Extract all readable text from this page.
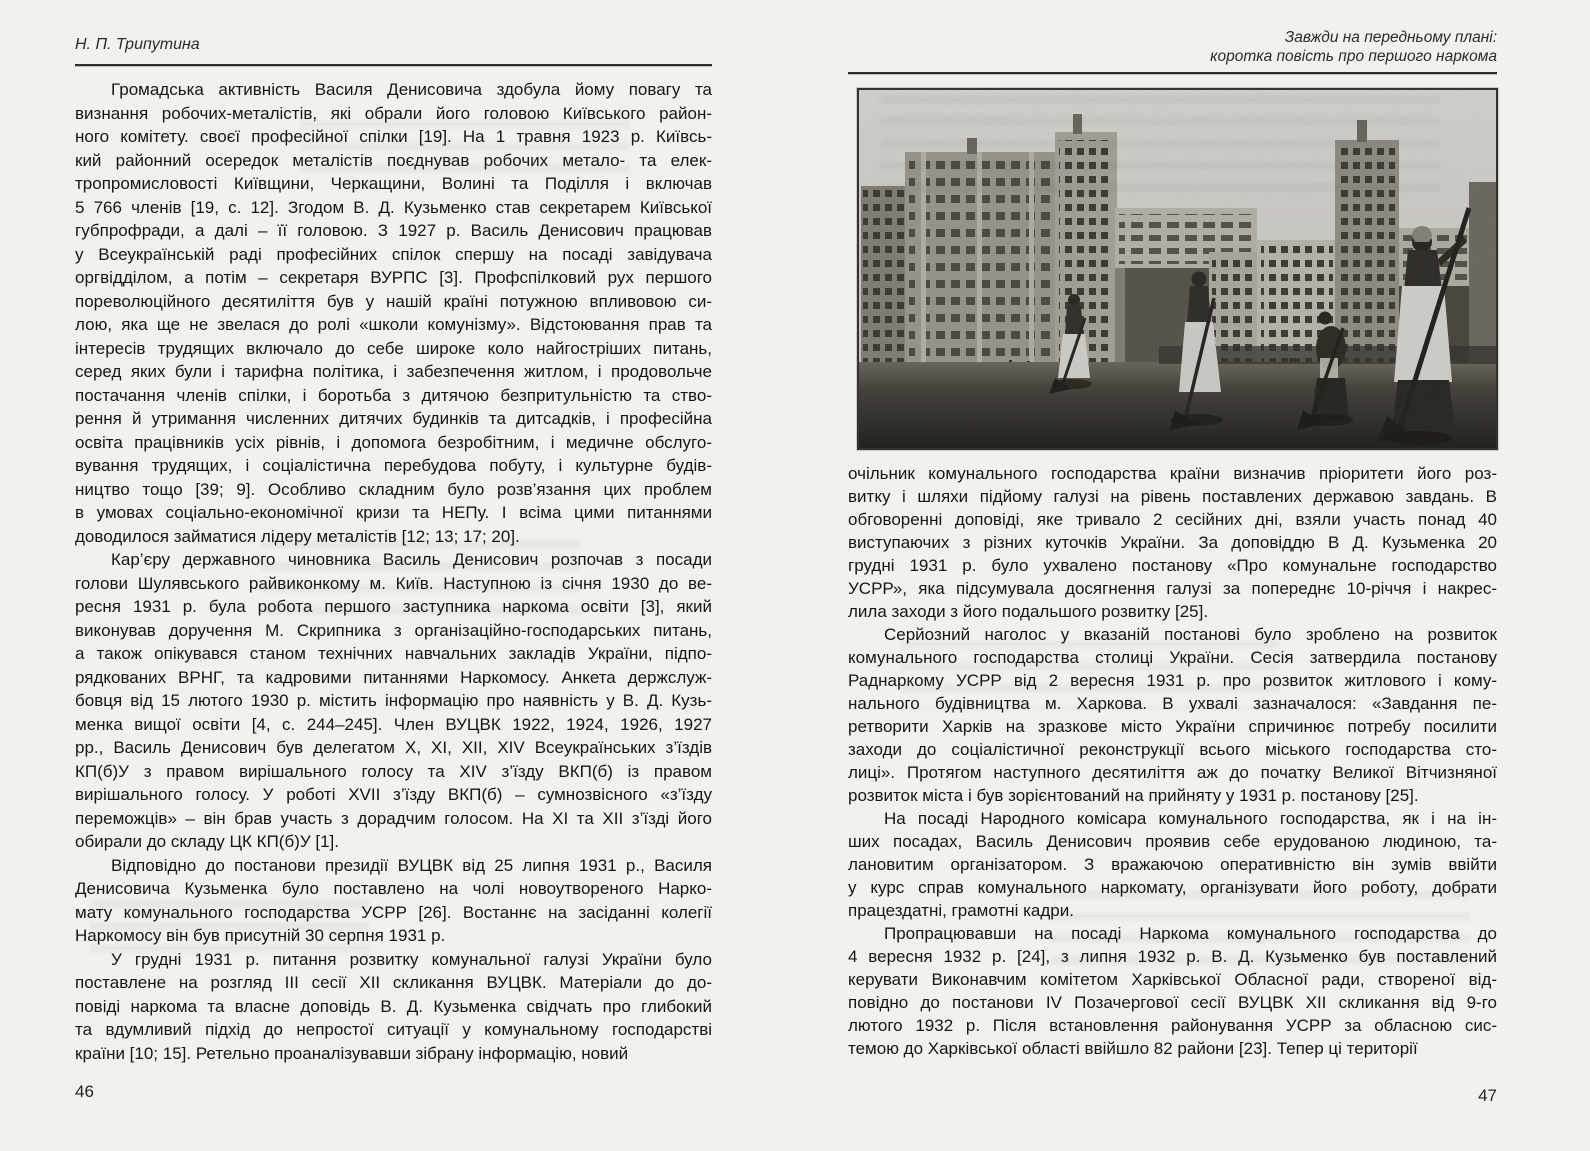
Н. П. Трипутина
Громадська активність Василя Денисовича здобула йому повагу та
визнання робочих-металістів, які обрали його головою Київського район-
ного комітету. своєї професійної спілки [19]. На 1 травня 1923 р. Київсь-
кий районний осередок металістів поєднував робочих метало- та елек-
тропромисловості Київщини, Черкащини, Волині та Поділля і включав
5 766 членів [19, с. 12]. Згодом В. Д. Кузьменко став секретарем Київської
губпрофради, а далі – її головою. З 1927 р. Василь Денисович працював
у Всеукраїнській раді професійних спілок спершу на посаді завідувача
оргвідділом, а потім – секретаря ВУРПС [3]. Профспілковий рух першого
пореволюційного десятиліття був у нашій країні потужною впливовою си-
лою, яка ще не звелася до ролі «школи комунізму». Відстоювання прав та
інтересів трудящих включало до себе широке коло найгостріших питань,
серед яких були і тарифна політика, і забезпечення житлом, і продовольче
постачання членів спілки, і боротьба з дитячою безпритульністю та ство-
рення й утримання численних дитячих будинків та дитсадків, і професійна
освіта працівників усіх рівнів, і допомога безробітним, і медичне обслуго-
вування трудящих, і соціалістична перебудова побуту, і культурне будів-
ництво тощо [39; 9]. Особливо складним було розв’язання цих проблем
в умовах соціально-економічної кризи та НЕПу. І всіма цими питаннями
доводилося займатися лідеру металістів [12; 13; 17; 20].
Кар’єру державного чиновника Василь Денисович розпочав з посади
голови Шулявського райвиконкому м. Київ. Наступною із січня 1930 до ве-
ресня 1931 р. була робота першого заступника наркома освіти [3], який
виконував доручення М. Скрипника з організаційно-господарських питань,
а також опікувався станом технічних навчальних закладів України, підпо-
рядкованих ВРНГ, та кадровими питаннями Наркомосу. Анкета держслуж-
бовця від 15 лютого 1930 р. містить інформацію про наявність у В. Д. Кузь-
менка вищої освіти [4, с. 244–245]. Член ВУЦВК 1922, 1924, 1926, 1927
рр., Василь Денисович був делегатом X, XI, XII, XIV Всеукраїнських з’їздів
КП(б)У з правом вирішального голосу та XIV з’їзду ВКП(б) із правом
вирішального голосу. У роботі XVII з’їзду ВКП(б) – сумнозвісного «з’їзду
переможців» – він брав участь з дорадчим голосом. На XI та XII з’їзді його
обирали до складу ЦК КП(б)У [1].
Відповідно до постанови президії ВУЦВК від 25 липня 1931 р., Василя
Денисовича Кузьменка було поставлено на чолі новоутвореного Нарко-
мату комунального господарства УСРР [26]. Востаннє на засіданні колегії
Наркомосу він був присутній 30 серпня 1931 р.
У грудні 1931 р. питання розвитку комунальної галузі України було
поставлене на розгляд III сесії XII скликання ВУЦВК. Матеріали до до-
повіді наркома та власне доповідь В. Д. Кузьменка свідчать про глибокий
та вдумливий підхід до непростої ситуації у комунальному господарстві
країни [10; 15]. Ретельно проаналізувавши зібрану інформацію, новий
46
Завжди на передньому плані:
коротка повість про першого наркома
очільник комунального господарства країни визначив пріоритети його роз-
витку і шляхи підйому галузі на рівень поставлених державою завдань. В
обговоренні доповіді, яке тривало 2 сесійних дні, взяли участь понад 40
виступаючих з різних куточків України. За доповіддю В Д. Кузьменка 20
грудні 1931 р. було ухвалено постанову «Про комунальне господарство
УСРР», яка підсумувала досягнення галузі за попереднє 10-річчя і накрес-
лила заходи з його подальшого розвитку [25].
Серйозний наголос у вказаній постанові було зроблено на розвиток
комунального господарства столиці України. Сесія затвердила постанову
Раднаркому УСРР від 2 вересня 1931 р. про розвиток житлового і кому-
нального будівництва м. Харкова. В ухвалі зазначалося: «Завдання пе-
ретворити Харків на зразкове місто України спричинює потребу посилити
заходи до соціалістичної реконструкції всього міського господарства сто-
лиці». Протягом наступного десятиліття аж до початку Великої Вітчизняної
розвиток міста і був зорієнтований на прийняту у 1931 р. постанову [25].
На посаді Народного комісара комунального господарства, як і на ін-
ших посадах, Василь Денисович проявив себе ерудованою людиною, та-
лановитим організатором. З вражаючою оперативністю він зумів ввійти
у курс справ комунального наркомату, організувати його роботу, добрати
працездатні, грамотні кадри.
Пропрацювавши на посаді Наркома комунального господарства до
4 вересня 1932 р. [24], з липня 1932 р. В. Д. Кузьменко був поставлений
керувати Виконавчим комітетом Харківської Обласної ради, створеної від-
повідно до постанови IV Позачергової сесії ВУЦВК XII скликання від 9-го
лютого 1932 р. Після встановлення районування УСРР за обласною сис-
темою до Харківської області ввійшло 82 райони [23]. Тепер ці території
47
